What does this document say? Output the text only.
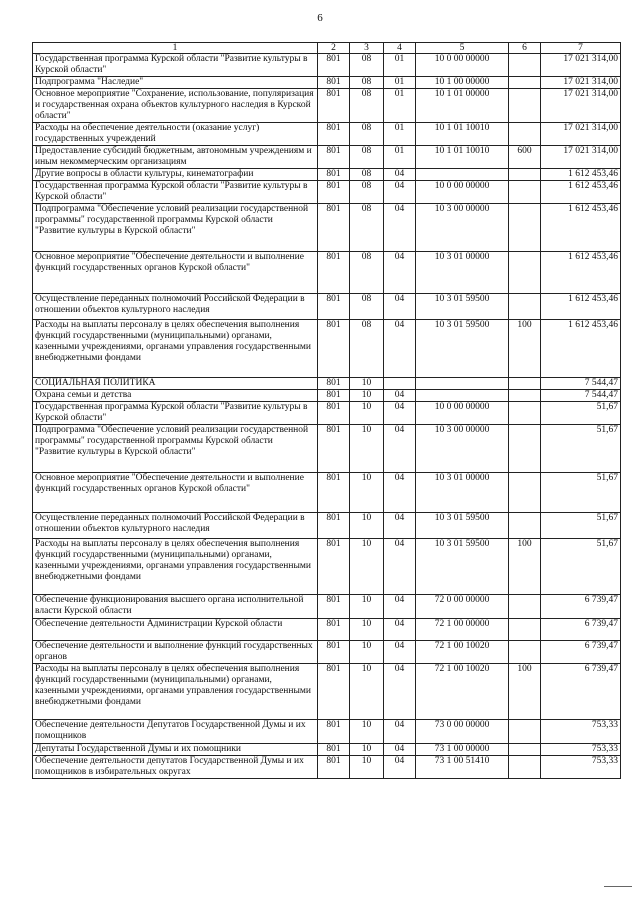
6
1	2	3	4	5	6	7
Государственная программа Курской области "Развитие культуры в Курской области"	801	08	01	10 0 00 00000		17 021 314,00
Подпрограмма "Наследие"	801	08	01	10 1 00 00000		17 021 314,00
Основное мероприятие "Сохранение, использование, популяризация и государственная охрана объектов культурного наследия в Курской области"	801	08	01	10 1 01 00000		17 021 314,00
Расходы на обеспечение деятельности (оказание услуг) государственных учреждений	801	08	01	10 1 01 10010		17 021 314,00
Предоставление субсидий бюджетным, автономным учреждениям и иным некоммерческим организациям	801	08	01	10 1 01 10010	600	17 021 314,00
Другие вопросы в области культуры, кинематографии	801	08	04			1 612 453,46
Государственная программа Курской области "Развитие культуры в Курской области"	801	08	04	10 0 00 00000		1 612 453,46
Подпрограмма "Обеспечение условий реализации государственной программы" государственной программы Курской области "Развитие культуры в Курской области"	801	08	04	10 3 00 00000		1 612 453,46
Основное мероприятие "Обеспечение деятельности и выполнение функций государственных органов Курской области"	801	08	04	10 3 01 00000		1 612 453,46
Осуществление переданных полномочий Российской Федерации в отношении объектов культурного наследия	801	08	04	10 3 01 59500		1 612 453,46
Расходы на выплаты персоналу в целях обеспечения выполнения функций государственными (муниципальными) органами, казенными учреждениями, органами управления государственными внебюджетными фондами	801	08	04	10 3 01 59500	100	1 612 453,46
СОЦИАЛЬНАЯ ПОЛИТИКА	801	10				7 544,47
Охрана семьи и детства	801	10	04			7 544,47
Государственная программа Курской области "Развитие культуры в Курской области"	801	10	04	10 0 00 00000		51,67
Подпрограмма "Обеспечение условий реализации государственной программы" государственной программы Курской области "Развитие культуры в Курской области"	801	10	04	10 3 00 00000		51,67
Основное мероприятие "Обеспечение деятельности и выполнение функций государственных органов Курской области"	801	10	04	10 3 01 00000		51,67
Осуществление переданных полномочий Российской Федерации в отношении объектов культурного наследия	801	10	04	10 3 01 59500		51,67
Расходы на выплаты персоналу в целях обеспечения выполнения функций государственными (муниципальными) органами, казенными учреждениями, органами управления государственными внебюджетными фондами	801	10	04	10 3 01 59500	100	51,67
Обеспечение функционирования высшего органа исполнительной власти Курской области	801	10	04	72 0 00 00000		6 739,47
Обеспечение деятельности Администрации Курской области	801	10	04	72 1 00 00000		6 739,47
Обеспечение деятельности и выполнение функций государственных органов	801	10	04	72 1 00 10020		6 739,47
Расходы на выплаты персоналу в целях обеспечения выполнения функций государственными (муниципальными) органами, казенными учреждениями, органами управления государственными внебюджетными фондами	801	10	04	72 1 00 10020	100	6 739,47
Обеспечение деятельности Депутатов Государственной Думы и их помощников	801	10	04	73 0 00 00000		753,33
Депутаты Государственной Думы и их помощники	801	10	04	73 1 00 00000		753,33
Обеспечение деятельности депутатов Государственной Думы и их помощников в избирательных округах	801	10	04	73 1 00 51410		753,33
